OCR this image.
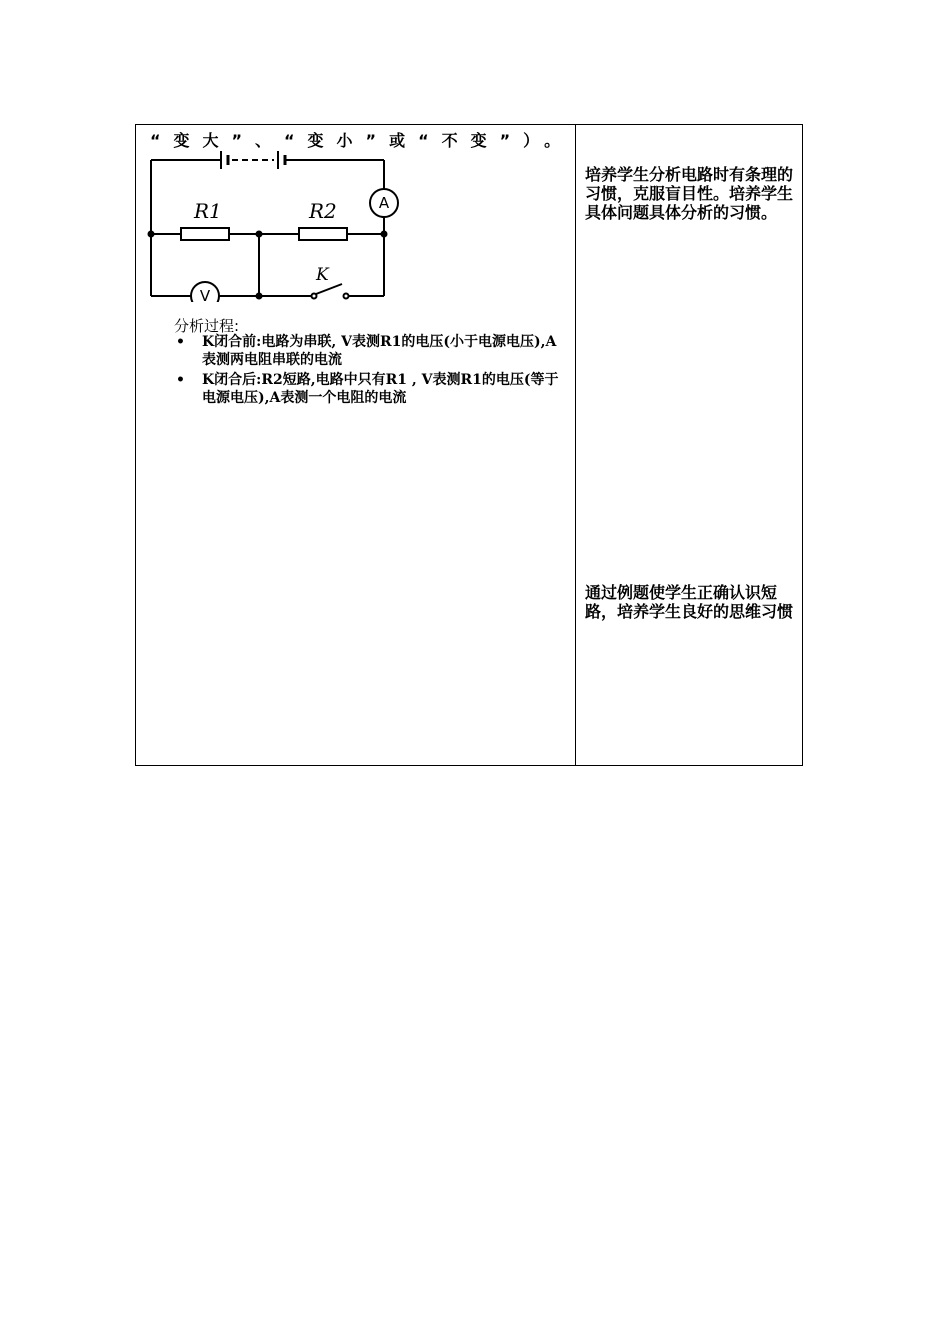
“变大”、“变小”或“不变”）。
R1	R2
K
A
V
分析过程:
• K闭合前:电路为串联, V表测R1的电压(小于电源电压),A表测两电阻串联的电流
• K闭合后:R2短路,电路中只有R1 , V表测R1的电压(等于电源电压),A表测一个电阻的电流
培养学生分析电路时有条理的习惯，克服盲目性。培养学生具体问题具体分析的习惯。
通过例题使学生正确认识短路，培养学生良好的思维习惯
